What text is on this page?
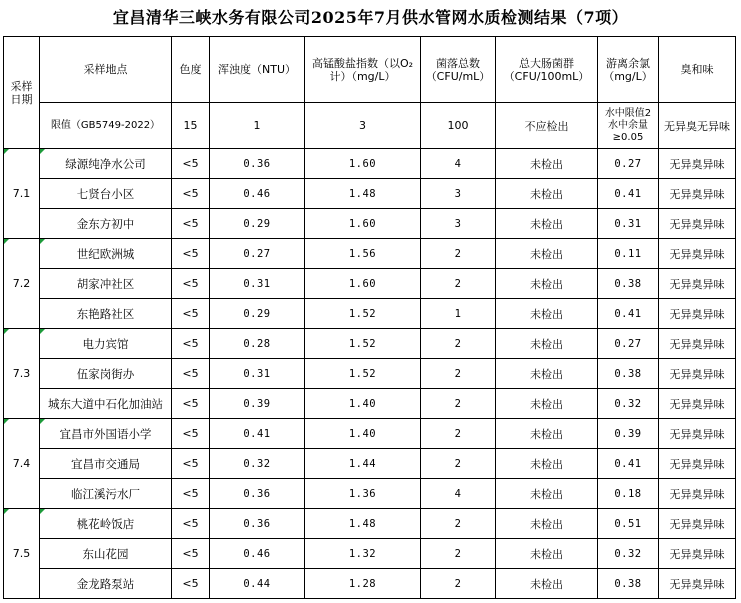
宜昌清华三峡水务有限公司2025年7月供水管网水质检测结果（7项）
采样日期	采样地点	色度	浑浊度（NTU）	高锰酸盐指数（以O₂计）（mg/L）	菌落总数（CFU/mL）	总大肠菌群（CFU/100mL）	游离余氯（mg/L）	臭和味
	限值（GB5749-2022）	15	1	3	100	不应检出	水中限值2 水中余量≥0.05	无异臭无异味
7.1	绿源纯净水公司	<5	0.36	1.60	4	未检出	0.27	无异臭异味
	七贤台小区	<5	0.46	1.48	3	未检出	0.41	无异臭异味
	金东方初中	<5	0.29	1.60	3	未检出	0.31	无异臭异味
7.2	世纪欧洲城	<5	0.27	1.56	2	未检出	0.11	无异臭异味
	胡家冲社区	<5	0.31	1.60	2	未检出	0.38	无异臭异味
	东艳路社区	<5	0.29	1.52	1	未检出	0.41	无异臭异味
7.3	电力宾馆	<5	0.28	1.52	2	未检出	0.27	无异臭异味
	伍家岗街办	<5	0.31	1.52	2	未检出	0.38	无异臭异味
	城东大道中石化加油站	<5	0.39	1.40	2	未检出	0.32	无异臭异味
7.4	宜昌市外国语小学	<5	0.41	1.40	2	未检出	0.39	无异臭异味
	宜昌市交通局	<5	0.32	1.44	2	未检出	0.41	无异臭异味
	临江溪污水厂	<5	0.36	1.36	4	未检出	0.18	无异臭异味
7.5	桃花岭饭店	<5	0.36	1.48	2	未检出	0.51	无异臭异味
	东山花园	<5	0.46	1.32	2	未检出	0.32	无异臭异味
	金龙路泵站	<5	0.44	1.28	2	未检出	0.38	无异臭异味
